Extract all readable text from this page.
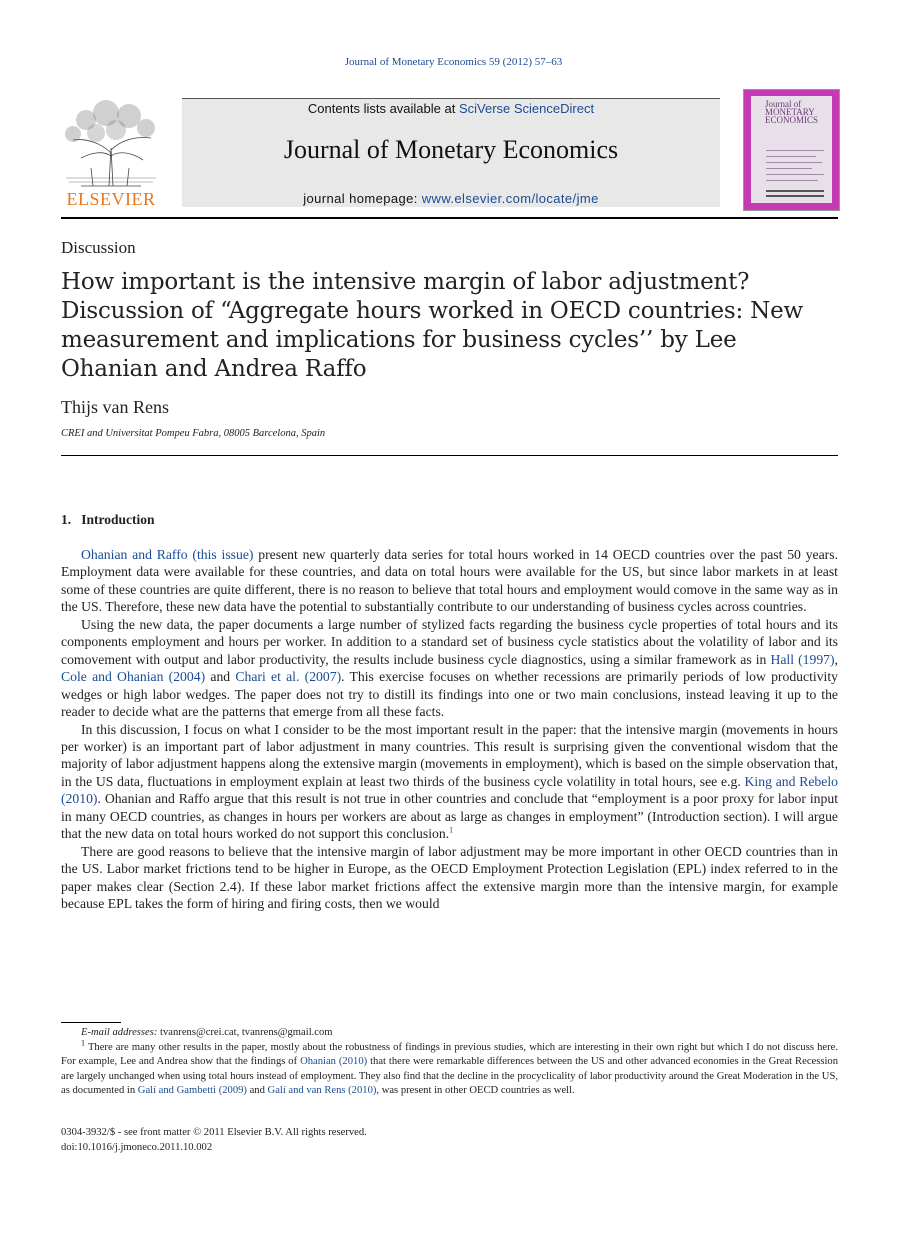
Journal of Monetary Economics 59 (2012) 57–63
ELSEVIER
Contents lists available at SciVerse ScienceDirect
Journal of Monetary Economics
journal homepage: www.elsevier.com/locate/jme
Journal of MONETARY ECONOMICS
Discussion
How important is the intensive margin of labor adjustment? Discussion of “Aggregate hours worked in OECD countries: New measurement and implications for business cycles’’ by Lee Ohanian and Andrea Raffo
Thijs van Rens
CREI and Universitat Pompeu Fabra, 08005 Barcelona, Spain
1.  Introduction

Ohanian and Raffo (this issue) present new quarterly data series for total hours worked in 14 OECD countries over the past 50 years. Employment data were available for these countries, and data on total hours were available for the US, but since labor markets in at least some of these countries are quite different, there is no reason to believe that total hours and employment would comove in the same way as in the US. Therefore, these new data have the potential to substantially contribute to our understanding of business cycles across countries.

Using the new data, the paper documents a large number of stylized facts regarding the business cycle properties of total hours and its components employment and hours per worker. In addition to a standard set of business cycle statistics about the volatility of labor and its comovement with output and labor productivity, the results include business cycle diagnostics, using a similar framework as in Hall (1997), Cole and Ohanian (2004) and Chari et al. (2007). This exercise focuses on whether recessions are primarily periods of low productivity wedges or high labor wedges. The paper does not try to distill its findings into one or two main conclusions, instead leaving it up to the reader to decide what are the patterns that emerge from all these facts.

In this discussion, I focus on what I consider to be the most important result in the paper: that the intensive margin (movements in hours per worker) is an important part of labor adjustment in many countries. This result is surprising given the conventional wisdom that the majority of labor adjustment happens along the extensive margin (movements in employment), which is based on the simple observation that, in the US data, fluctuations in employment explain at least two thirds of the business cycle volatility in total hours, see e.g. King and Rebelo (2010). Ohanian and Raffo argue that this result is not true in other countries and conclude that “employment is a poor proxy for labor input in many OECD countries, as changes in hours per workers are about as large as changes in employment” (Introduction section). I will argue that the new data on total hours worked do not support this conclusion.$^1$

There are good reasons to believe that the intensive margin of labor adjustment may be more important in other OECD countries than in the US. Labor market frictions tend to be higher in Europe, as the OECD Employment Protection Legislation (EPL) index referred to in the paper makes clear (Section 2.4). If these labor market frictions affect the extensive margin more than the intensive margin, for example because EPL takes the form of hiring and firing costs, then we would

E-mail addresses: tvanrens@crei.cat, tvanrens@gmail.com

$^1$ There are many other results in the paper, mostly about the robustness of findings in previous studies, which are interesting in their own right but which I do not discuss here. For example, Lee and Andrea show that the findings of Ohanian (2010) that there were remarkable differences between the US and other advanced economies in the Great Recession are largely unchanged when using total hours instead of employment. They also find that the decline in the procyclicality of labor productivity around the Great Moderation in the US, as documented in Galí and Gambetti (2009) and Galí and van Rens (2010), was present in other OECD countries as well.

0304-3932/$ - see front matter © 2011 Elsevier B.V. All rights reserved.
doi:10.1016/j.jmoneco.2011.10.002
